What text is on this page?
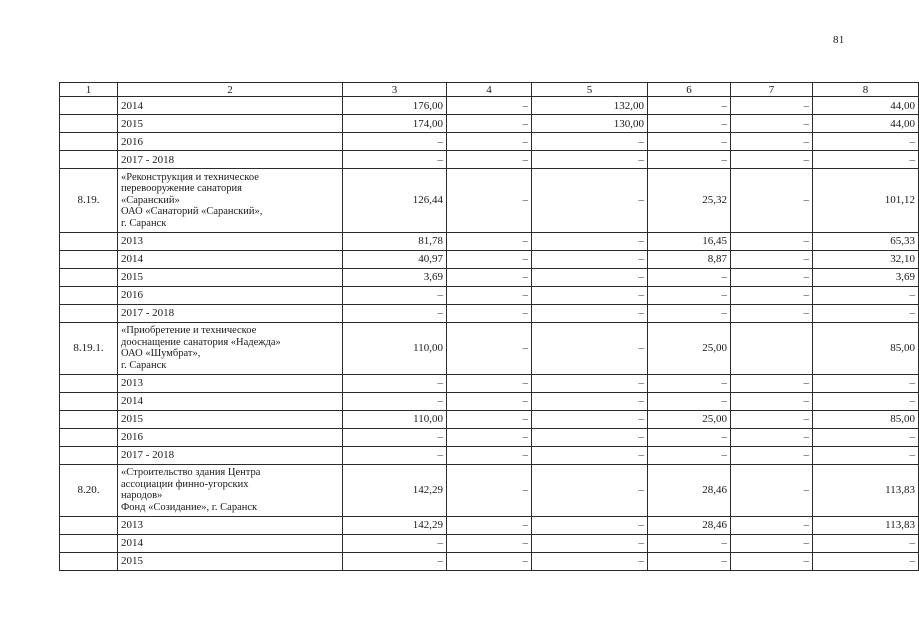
81
1	2	3	4	5	6	7	8
	2014	176,00	–	132,00	–	–	44,00
	2015	174,00	–	130,00	–	–	44,00
	2016	–	–	–	–	–	–
	2017 - 2018	–	–	–	–	–	–
8.19.	«Реконструкция и техническое
перевооружение санатория
«Саранский»
ОАО «Санаторий «Саранский»,
г. Саранск	126,44	–	–	25,32	–	101,12
	2013	81,78	–	–	16,45	–	65,33
	2014	40,97	–	–	8,87	–	32,10
	2015	3,69	–	–	–	–	3,69
	2016	–	–	–	–	–	–
	2017 - 2018	–	–	–	–	–	–
8.19.1.	«Приобретение и техническое
дооснащение санатория «Надежда»
ОАО «Шумбрат»,
г. Саранск	110,00	–	–	25,00		85,00
	2013	–	–	–	–	–	–
	2014	–	–	–	–	–	–
	2015	110,00	–	–	25,00	–	85,00
	2016	–	–	–	–	–	–
	2017 - 2018	–	–	–	–	–	–
8.20.	«Строительство здания Центра
ассоциации финно-угорских
народов»
Фонд «Созидание», г. Саранск	142,29	–	–	28,46	–	113,83
	2013	142,29	–	–	28,46	–	113,83
	2014	–	–	–	–	–	–
	2015	–	–	–	–	–	–
